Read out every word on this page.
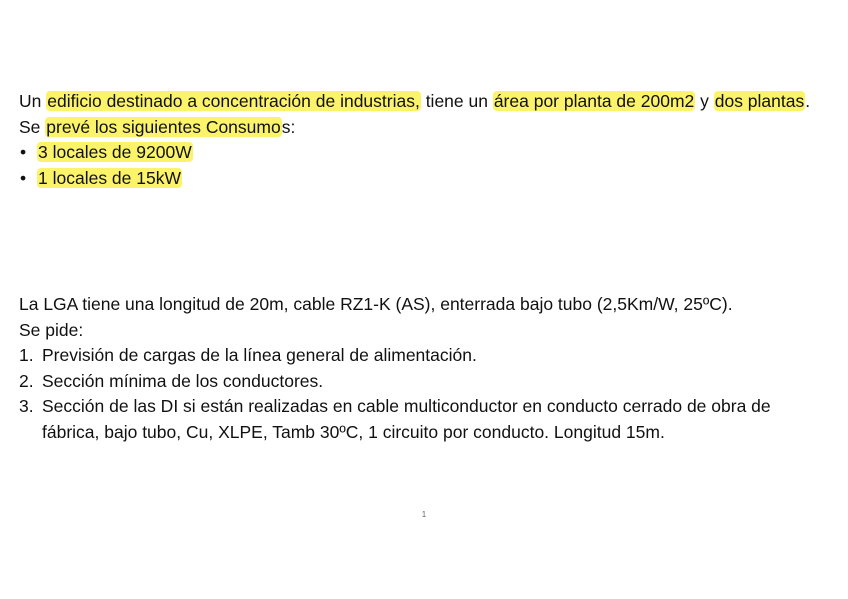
Un edificio destinado a concentración de industrias, tiene un área por planta de 200m2 y dos plantas.

Se prevé los siguientes Consumos:

• 3 locales de 9200W
• 1 locales de 15kW

La LGA tiene una longitud de 20m, cable RZ1-K (AS), enterrada bajo tubo (2,5Km/W, 25ºC).

Se pide:

1. Previsión de cargas de la línea general de alimentación.
2. Sección mínima de los conductores.
3. Sección de las DI si están realizadas en cable multiconductor en conducto cerrado de obra de fábrica, bajo tubo, Cu, XLPE, Tamb 30ºC, 1 circuito por conducto. Longitud 15m.
1
